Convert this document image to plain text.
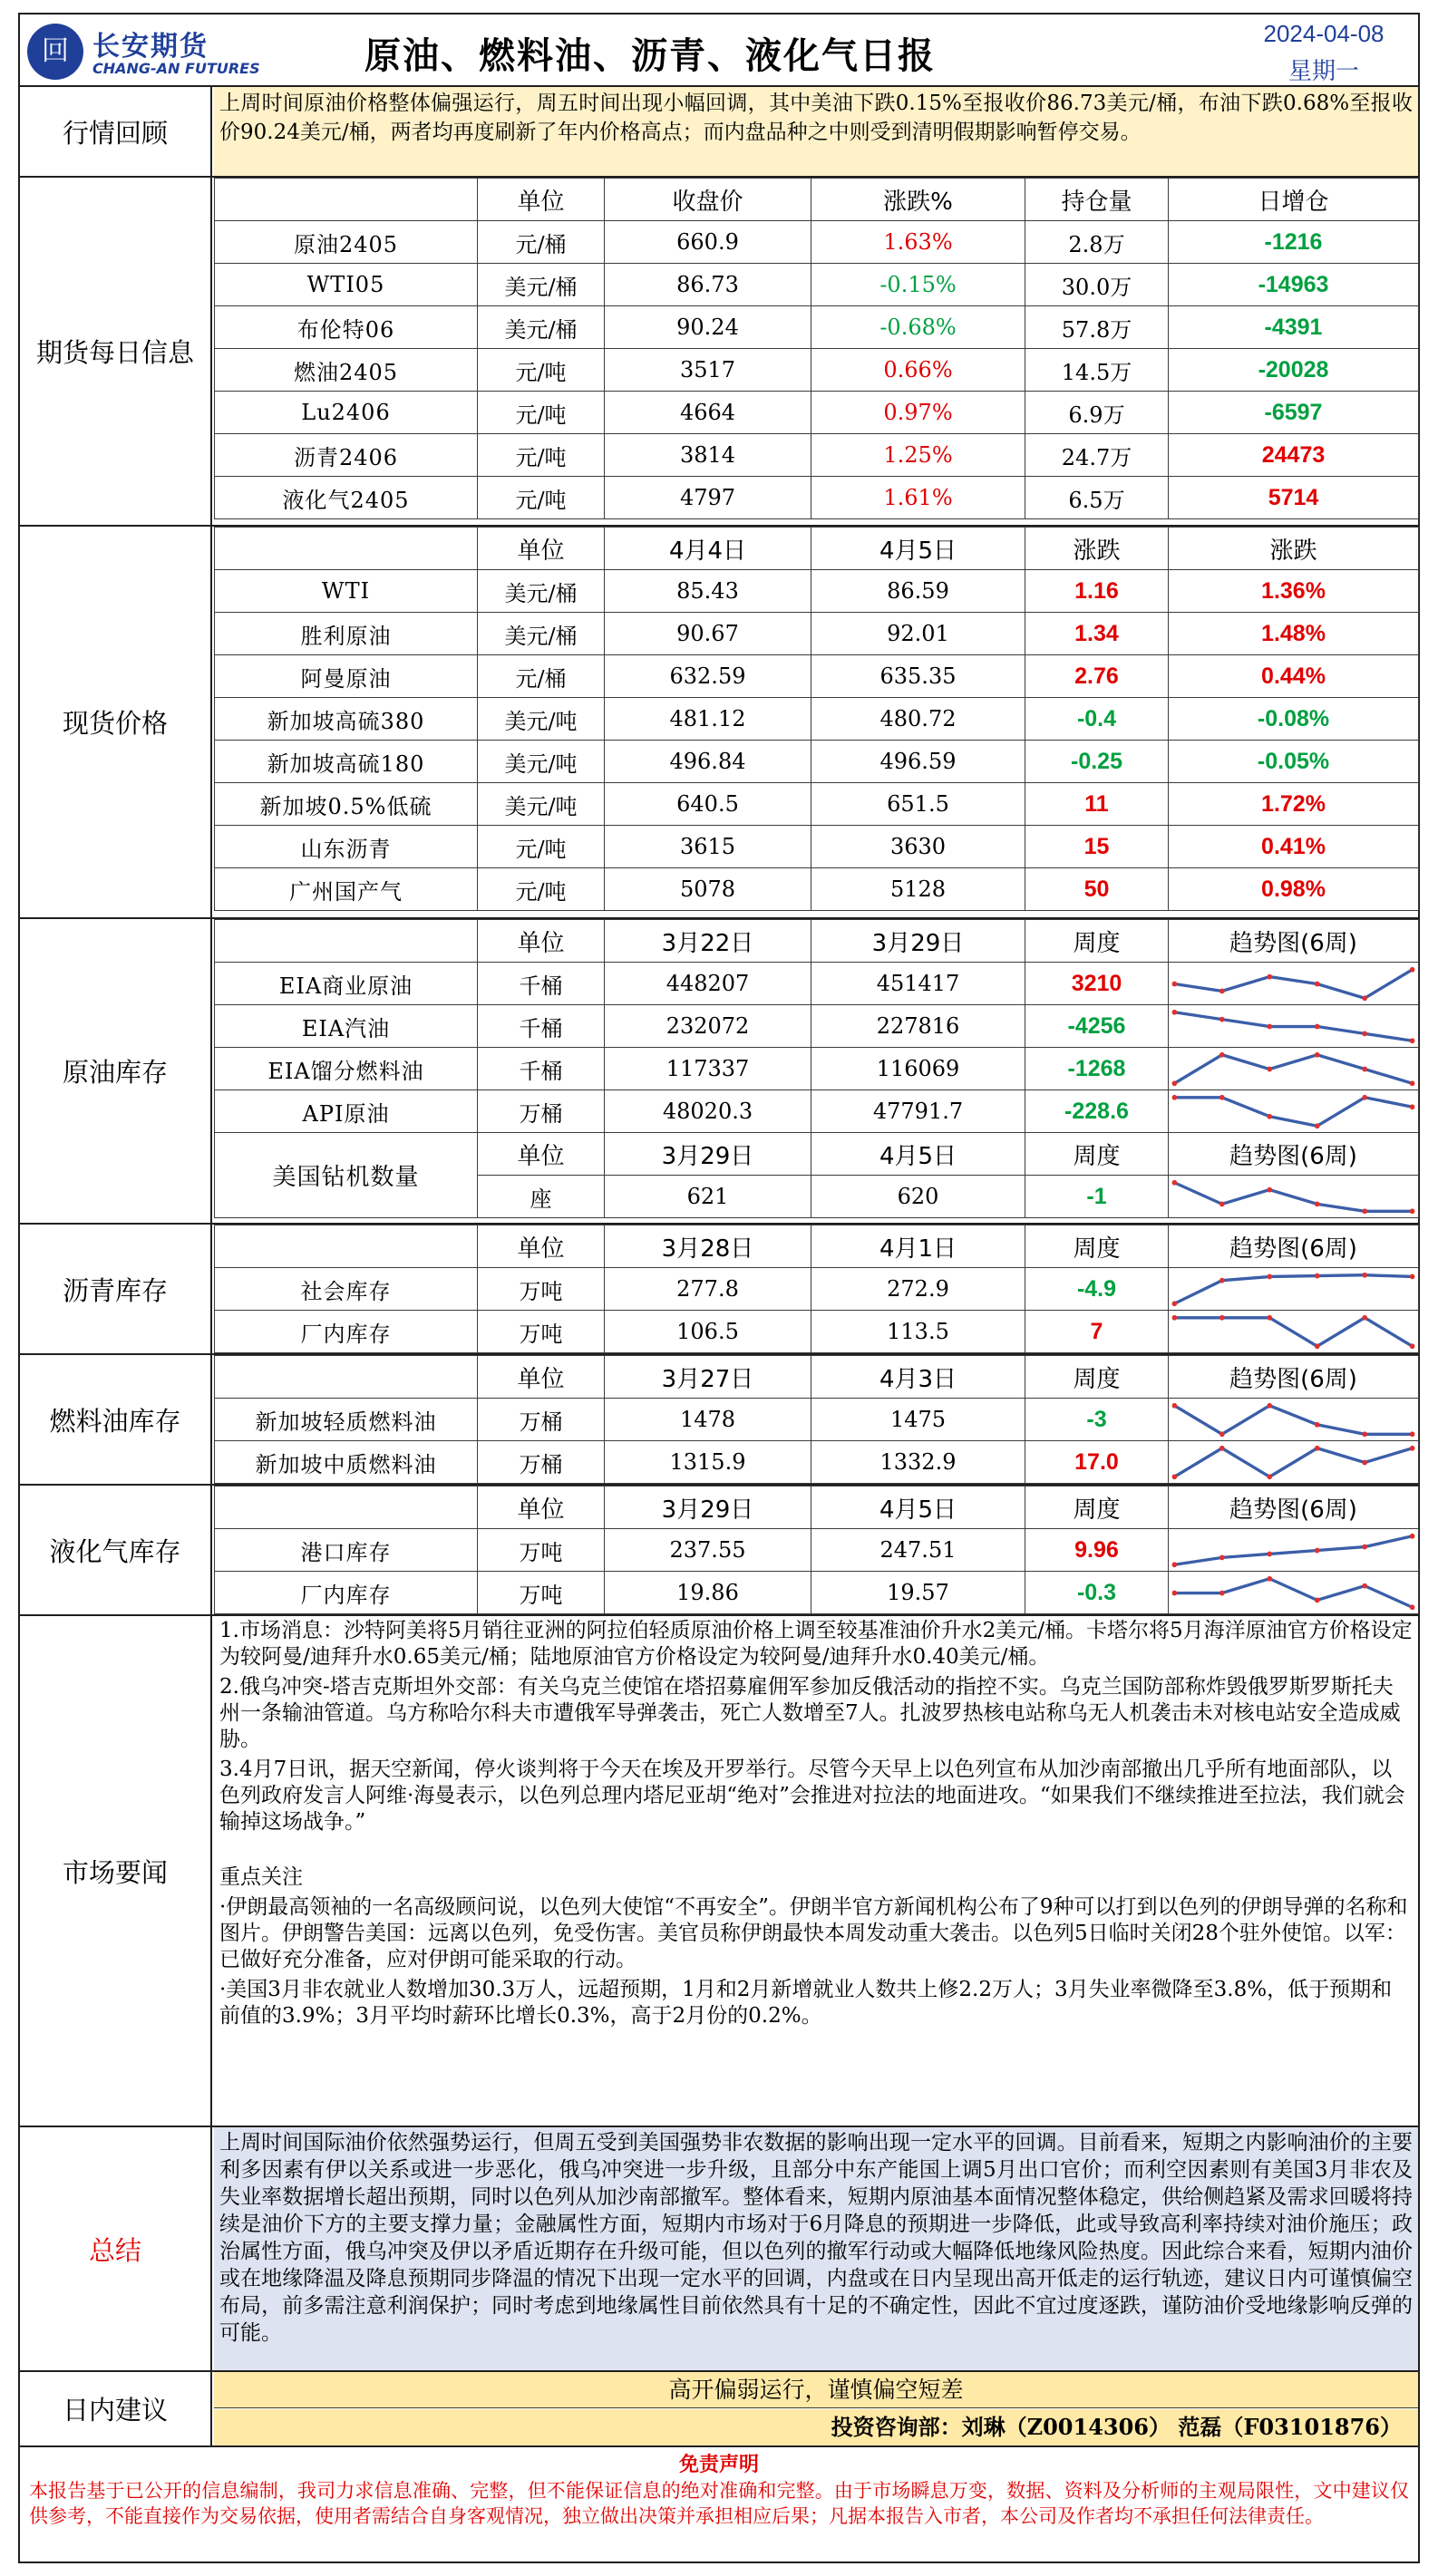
回 长安期货
CHANG-AN FUTURES	原油、燃料油、沥青、液化气日报
2024-04-08
星期一
行情回顾
上周时间原油价格整体偏强运行，周五时间出现小幅回调，其中美油下跌0.15%至报收价86.73美元/桶，布油下跌0.68%至报收价90.24美元/桶，两者均再度刷新了年内价格高点；而内盘品种之中则受到清明假期影响暂停交易。
期货每日信息
	单位	收盘价	涨跌%	持仓量	日增仓
原油2405	元/桶	660.9	1.63%	2.8万	-1216
WTI05	美元/桶	86.73	-0.15%	30.0万	-14963
布伦特06	美元/桶	90.24	-0.68%	57.8万	-4391
燃油2405	元/吨	3517	0.66%	14.5万	-20028
Lu2406	元/吨	4664	0.97%	6.9万	-6597
沥青2406	元/吨	3814	1.25%	24.7万	24473
液化气2405	元/吨	4797	1.61%	6.5万	5714
现货价格
	单位	4月4日	4月5日	涨跌	涨跌
WTI	美元/桶	85.43	86.59	1.16	1.36%
胜利原油	美元/桶	90.67	92.01	1.34	1.48%
阿曼原油	元/桶	632.59	635.35	2.76	0.44%
新加坡高硫380	美元/吨	481.12	480.72	-0.4	-0.08%
新加坡高硫180	美元/吨	496.84	496.59	-0.25	-0.05%
新加坡0.5%低硫	美元/吨	640.5	651.5	11	1.72%
山东沥青	元/吨	3615	3630	15	0.41%
广州国产气	元/吨	5078	5128	50	0.98%
原油库存
	单位	3月22日	3月29日	周度	趋势图(6周)
EIA商业原油	千桶	448207	451417	3210	

EIA汽油	千桶	232072	227816	-4256	

EIA馏分燃料油	千桶	117337	116069	-1268	

API原油	万桶	48020.3	47791.7	-228.6	

美国钻机数量	单位	3月29日	4月5日	周度	趋势图(6周)
	座	621	620	-1	
沥青库存
	单位	3月28日	4月1日	周度	趋势图(6周)
社会库存	万吨	277.8	272.9	-4.9	

厂内库存	万吨	106.5	113.5	7	
燃料油库存
	单位	3月27日	4月3日	周度	趋势图(6周)
新加坡轻质燃料油	万桶	1478	1475	-3	

新加坡中质燃料油	万桶	1315.9	1332.9	17.0	
液化气库存
	单位	3月29日	4月5日	周度	趋势图(6周)
港口库存	万吨	237.55	247.51	9.96	

厂内库存	万吨	19.86	19.57	-0.3	
市场要闻

1.市场消息：沙特阿美将5月销往亚洲的阿拉伯轻质原油价格上调至较基准油价升水2美元/桶。卡塔尔将5月海洋原油官方价格设定为较阿曼/迪拜升水0.65美元/桶；陆地原油官方价格设定为较阿曼/迪拜升水0.40美元/桶。

2.俄乌冲突-塔吉克斯坦外交部：有关乌克兰使馆在塔招募雇佣军参加反俄活动的指控不实。乌克兰国防部称炸毁俄罗斯罗斯托夫州一条输油管道。乌方称哈尔科夫市遭俄军导弹袭击，死亡人数增至7人。扎波罗热核电站称乌无人机袭击未对核电站安全造成威胁。

3.4月7日讯，据天空新闻，停火谈判将于今天在埃及开罗举行。尽管今天早上以色列宣布从加沙南部撤出几乎所有地面部队，以色列政府发言人阿维·海曼表示，以色列总理内塔尼亚胡“绝对”会推进对拉法的地面进攻。“如果我们不继续推进至拉法，我们就会输掉这场战争。”

重点关注

·伊朗最高领袖的一名高级顾问说，以色列大使馆“不再安全”。伊朗半官方新闻机构公布了9种可以打到以色列的伊朗导弹的名称和图片。伊朗警告美国：远离以色列，免受伤害。美官员称伊朗最快本周发动重大袭击。以色列5日临时关闭28个驻外使馆。以军：已做好充分准备，应对伊朗可能采取的行动。

·美国3月非农就业人数增加30.3万人，远超预期，1月和2月新增就业人数共上修2.2万人；3月失业率微降至3.8%，低于预期和前值的3.9%；3月平均时薪环比增长0.3%，高于2月份的0.2%。

总结
上周时间国际油价依然强势运行，但周五受到美国强势非农数据的影响出现一定水平的回调。目前看来，短期之内影响油价的主要利多因素有伊以关系或进一步恶化，俄乌冲突进一步升级，且部分中东产能国上调5月出口官价；而利空因素则有美国3月非农及失业率数据增长超出预期，同时以色列从加沙南部撤军。整体看来，短期内原油基本面情况整体稳定，供给侧趋紧及需求回暖将持续是油价下方的主要支撑力量；金融属性方面，短期内市场对于6月降息的预期进一步降低，此或导致高利率持续对油价施压；政治属性方面，俄乌冲突及伊以矛盾近期存在升级可能，但以色列的撤军行动或大幅降低地缘风险热度。因此综合来看，短期内油价或在地缘降温及降息预期同步降温的情况下出现一定水平的回调，内盘或在日内呈现出高开低走的运行轨迹，建议日内可谨慎偏空布局，前多需注意利润保护；同时考虑到地缘属性目前依然具有十足的不确定性，因此不宜过度逐跌，谨防油价受地缘影响反弹的可能。
日内建议
高开偏弱运行，谨慎偏空短差
投资咨询部：刘琳（Z0014306） 范磊（F03101876）
免责声明
本报告基于已公开的信息编制，我司力求信息准确、完整，但不能保证信息的绝对准确和完整。由于市场瞬息万变，数据、资料及分析师的主观局限性，文中建议仅供参考，不能直接作为交易依据，使用者需结合自身客观情况，独立做出决策并承担相应后果；凡据本报告入市者，本公司及作者均不承担任何法律责任。
